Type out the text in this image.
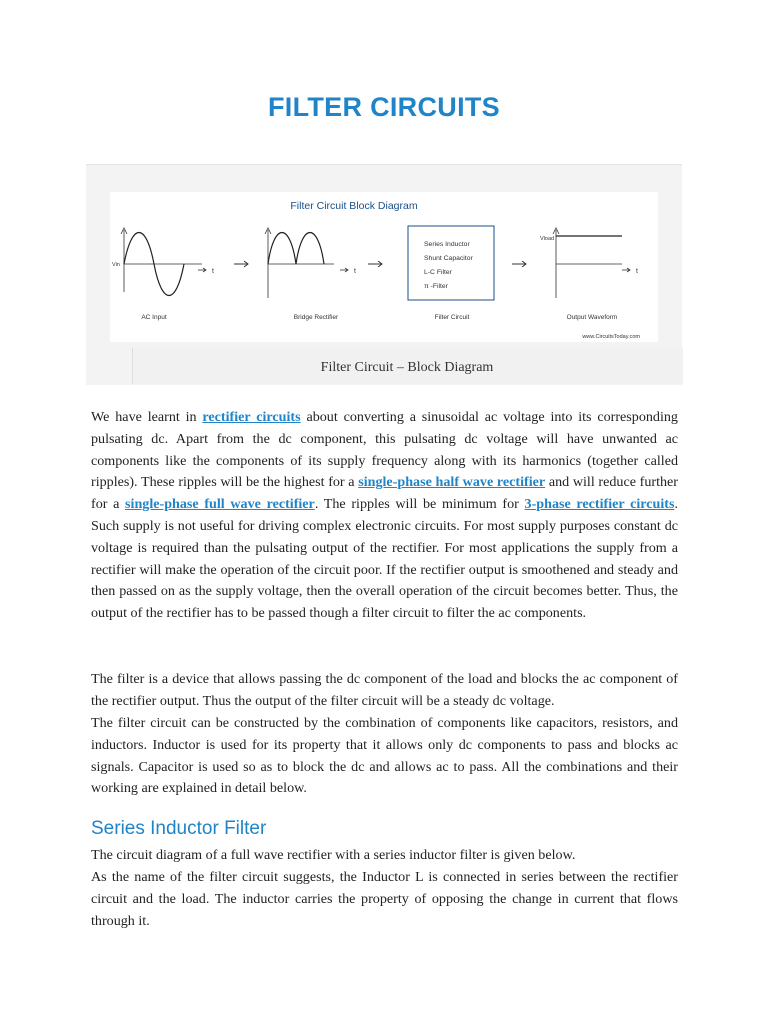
FILTER CIRCUITS
Filter Circuit Block Diagram
Vin
t
AC Input
t
Bridge Rectifier
Series Inductor
Shunt Capacitor
L-C Filter
π -Filter
Filter Circuit
Vload
t
Output Waveform
www.CircuitsToday.com
Filter Circuit – Block Diagram

We have learnt in rectifier circuits about converting a sinusoidal ac voltage into its corresponding pulsating dc. Apart from the dc component, this pulsating dc voltage will have unwanted ac components like the components of its supply frequency along with its harmonics (together called ripples). These ripples will be the highest for a single-phase half wave rectifier and will reduce further for a single-phase full wave rectifier. The ripples will be minimum for 3-phase rectifier circuits. Such supply is not useful for driving complex electronic circuits. For most supply purposes constant dc voltage is required than the pulsating output of the rectifier. For most applications the supply from a rectifier will make the operation of the circuit poor. If the rectifier output is smoothened and steady and then passed on as the supply voltage, then the overall operation of the circuit becomes better. Thus, the output of the rectifier has to be passed though a filter circuit to filter the ac components.

The filter is a device that allows passing the dc component of the load and blocks the ac component of the rectifier output. Thus the output of the filter circuit will be a steady dc voltage.

The filter circuit can be constructed by the combination of components like capacitors, resistors, and inductors. Inductor is used for its property that it allows only dc components to pass and blocks ac signals. Capacitor is used so as to block the dc and allows ac to pass. All the combinations and their working are explained in detail below.

Series Inductor Filter

The circuit diagram of a full wave rectifier with a series inductor filter is given below.

As the name of the filter circuit suggests, the Inductor L is connected in series between the rectifier circuit and the load. The inductor carries the property of opposing the change in current that flows through it.
